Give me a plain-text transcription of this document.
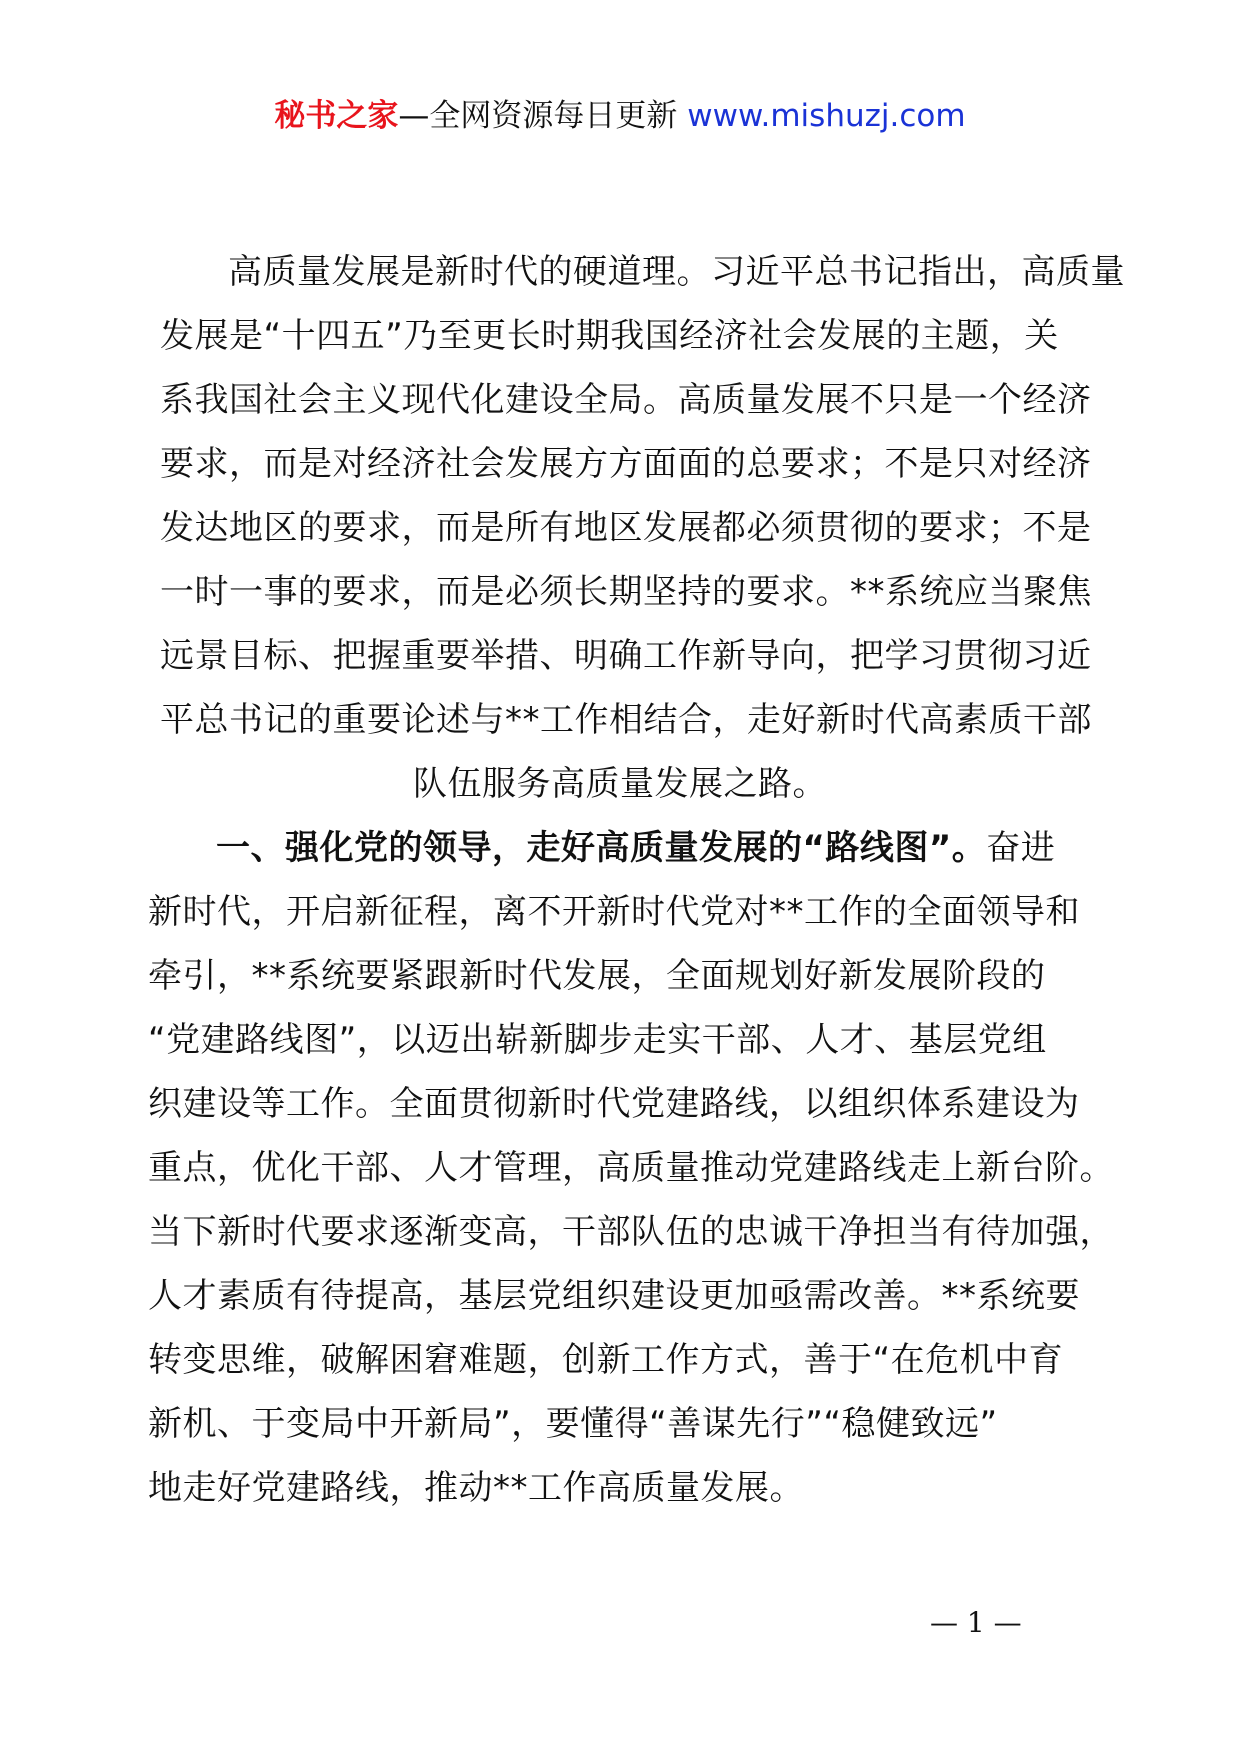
秘书之家—全网资源每日更新 www.mishuzj.com
高质量发展是新时代的硬道理。习近平总书记指出，高质量
发展是“十四五”乃至更长时期我国经济社会发展的主题，关
系我国社会主义现代化建设全局。高质量发展不只是一个经济
要求，而是对经济社会发展方方面面的总要求；不是只对经济
发达地区的要求，而是所有地区发展都必须贯彻的要求；不是
一时一事的要求，而是必须长期坚持的要求。**系统应当聚焦
远景目标、把握重要举措、明确工作新导向，把学习贯彻习近
平总书记的重要论述与**工作相结合，走好新时代高素质干部
队伍服务高质量发展之路。
一、强化党的领导，走好高质量发展的“路线图”。奋进
新时代，开启新征程，离不开新时代党对**工作的全面领导和
牵引，**系统要紧跟新时代发展，全面规划好新发展阶段的
“党建路线图”，以迈出崭新脚步走实干部、人才、基层党组
织建设等工作。全面贯彻新时代党建路线，以组织体系建设为
重点，优化干部、人才管理，高质量推动党建路线走上新台阶。
当下新时代要求逐渐变高，干部队伍的忠诚干净担当有待加强，
人才素质有待提高，基层党组织建设更加亟需改善。**系统要
转变思维，破解困窘难题，创新工作方式，善于“在危机中育
新机、于变局中开新局”，要懂得“善谋先行”“稳健致远”
地走好党建路线，推动**工作高质量发展。
— 1 —
